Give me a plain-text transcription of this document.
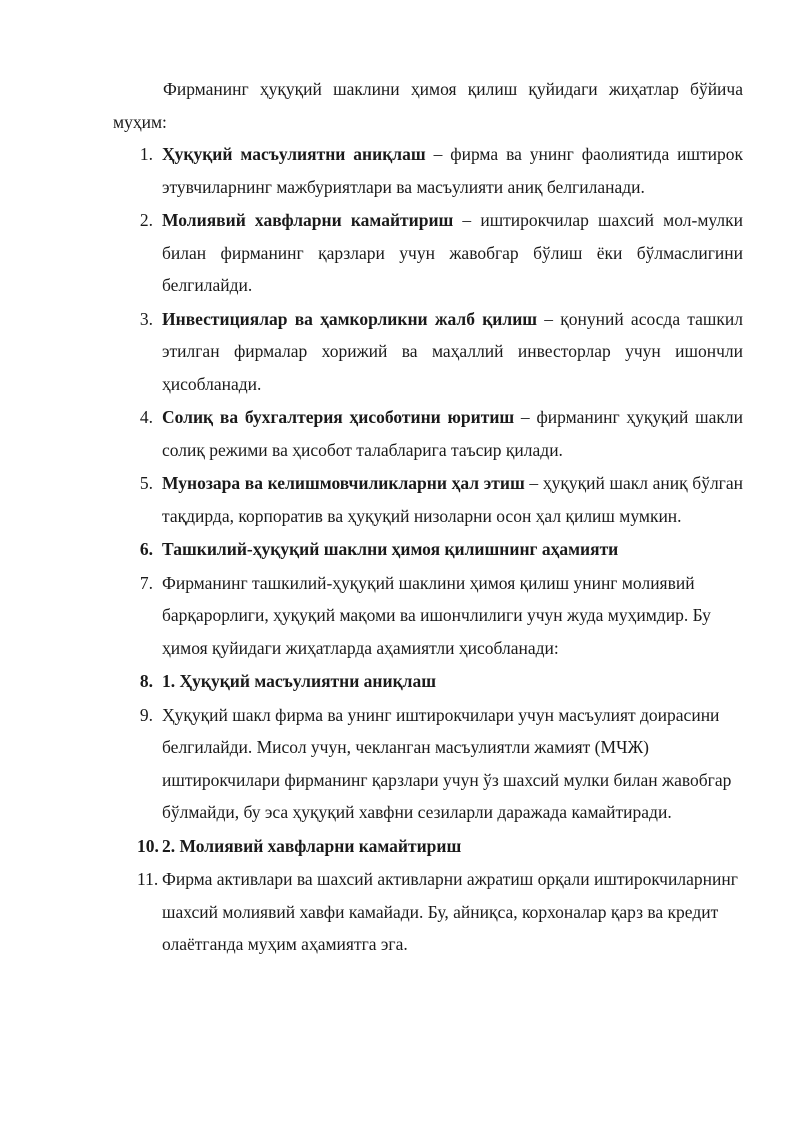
Фирманинг ҳуқуқий шаклини ҳимоя қилиш қуйидаги жиҳатлар бўйича муҳим:

1. Ҳуқуқий масъулиятни аниқлаш – фирма ва унинг фаолиятида иштирок этувчиларнинг мажбуриятлари ва масъулияти аниқ белгиланади.
2. Молиявий хавфларни камайтириш – иштирокчилар шахсий мол-мулки билан фирманинг қарзлари учун жавобгар бўлиш ёки бўлмаслигини белгилайди.
3. Инвестициялар ва ҳамкорликни жалб қилиш – қонуний асосда ташкил этилган фирмалар хорижий ва маҳаллий инвесторлар учун ишончли ҳисобланади.
4. Солиқ ва бухгалтерия ҳисоботини юритиш – фирманинг ҳуқуқий шакли солиқ режими ва ҳисобот талабларига таъсир қилади.
5. Мунозара ва келишмовчиликларни ҳал этиш – ҳуқуқий шакл аниқ бўлган тақдирда, корпоратив ва ҳуқуқий низоларни осон ҳал қилиш мумкин.
6. Ташкилий-ҳуқуқий шаклни ҳимоя қилишнинг аҳамияти
7. Фирманинг ташкилий-ҳуқуқий шаклини ҳимоя қилиш унинг молиявий барқарорлиги, ҳуқуқий мақоми ва ишончлилиги учун жуда муҳимдир. Бу ҳимоя қуйидаги жиҳатларда аҳамиятли ҳисобланади:
8. 1. Ҳуқуқий масъулиятни аниқлаш
9. Ҳуқуқий шакл фирма ва унинг иштирокчилари учун масъулият доирасини белгилайди. Мисол учун, чекланган масъулиятли жамият (МЧЖ) иштирокчилари фирманинг қарзлари учун ўз шахсий мулки билан жавобгар бўлмайди, бу эса ҳуқуқий хавфни сезиларли даражада камайтиради.
10. 2. Молиявий хавфларни камайтириш
11. Фирма активлари ва шахсий активларни ажратиш орқали иштирокчиларнинг шахсий молиявий хавфи камайади. Бу, айниқса, корхоналар қарз ва кредит олаётганда муҳим аҳамиятга эга.
